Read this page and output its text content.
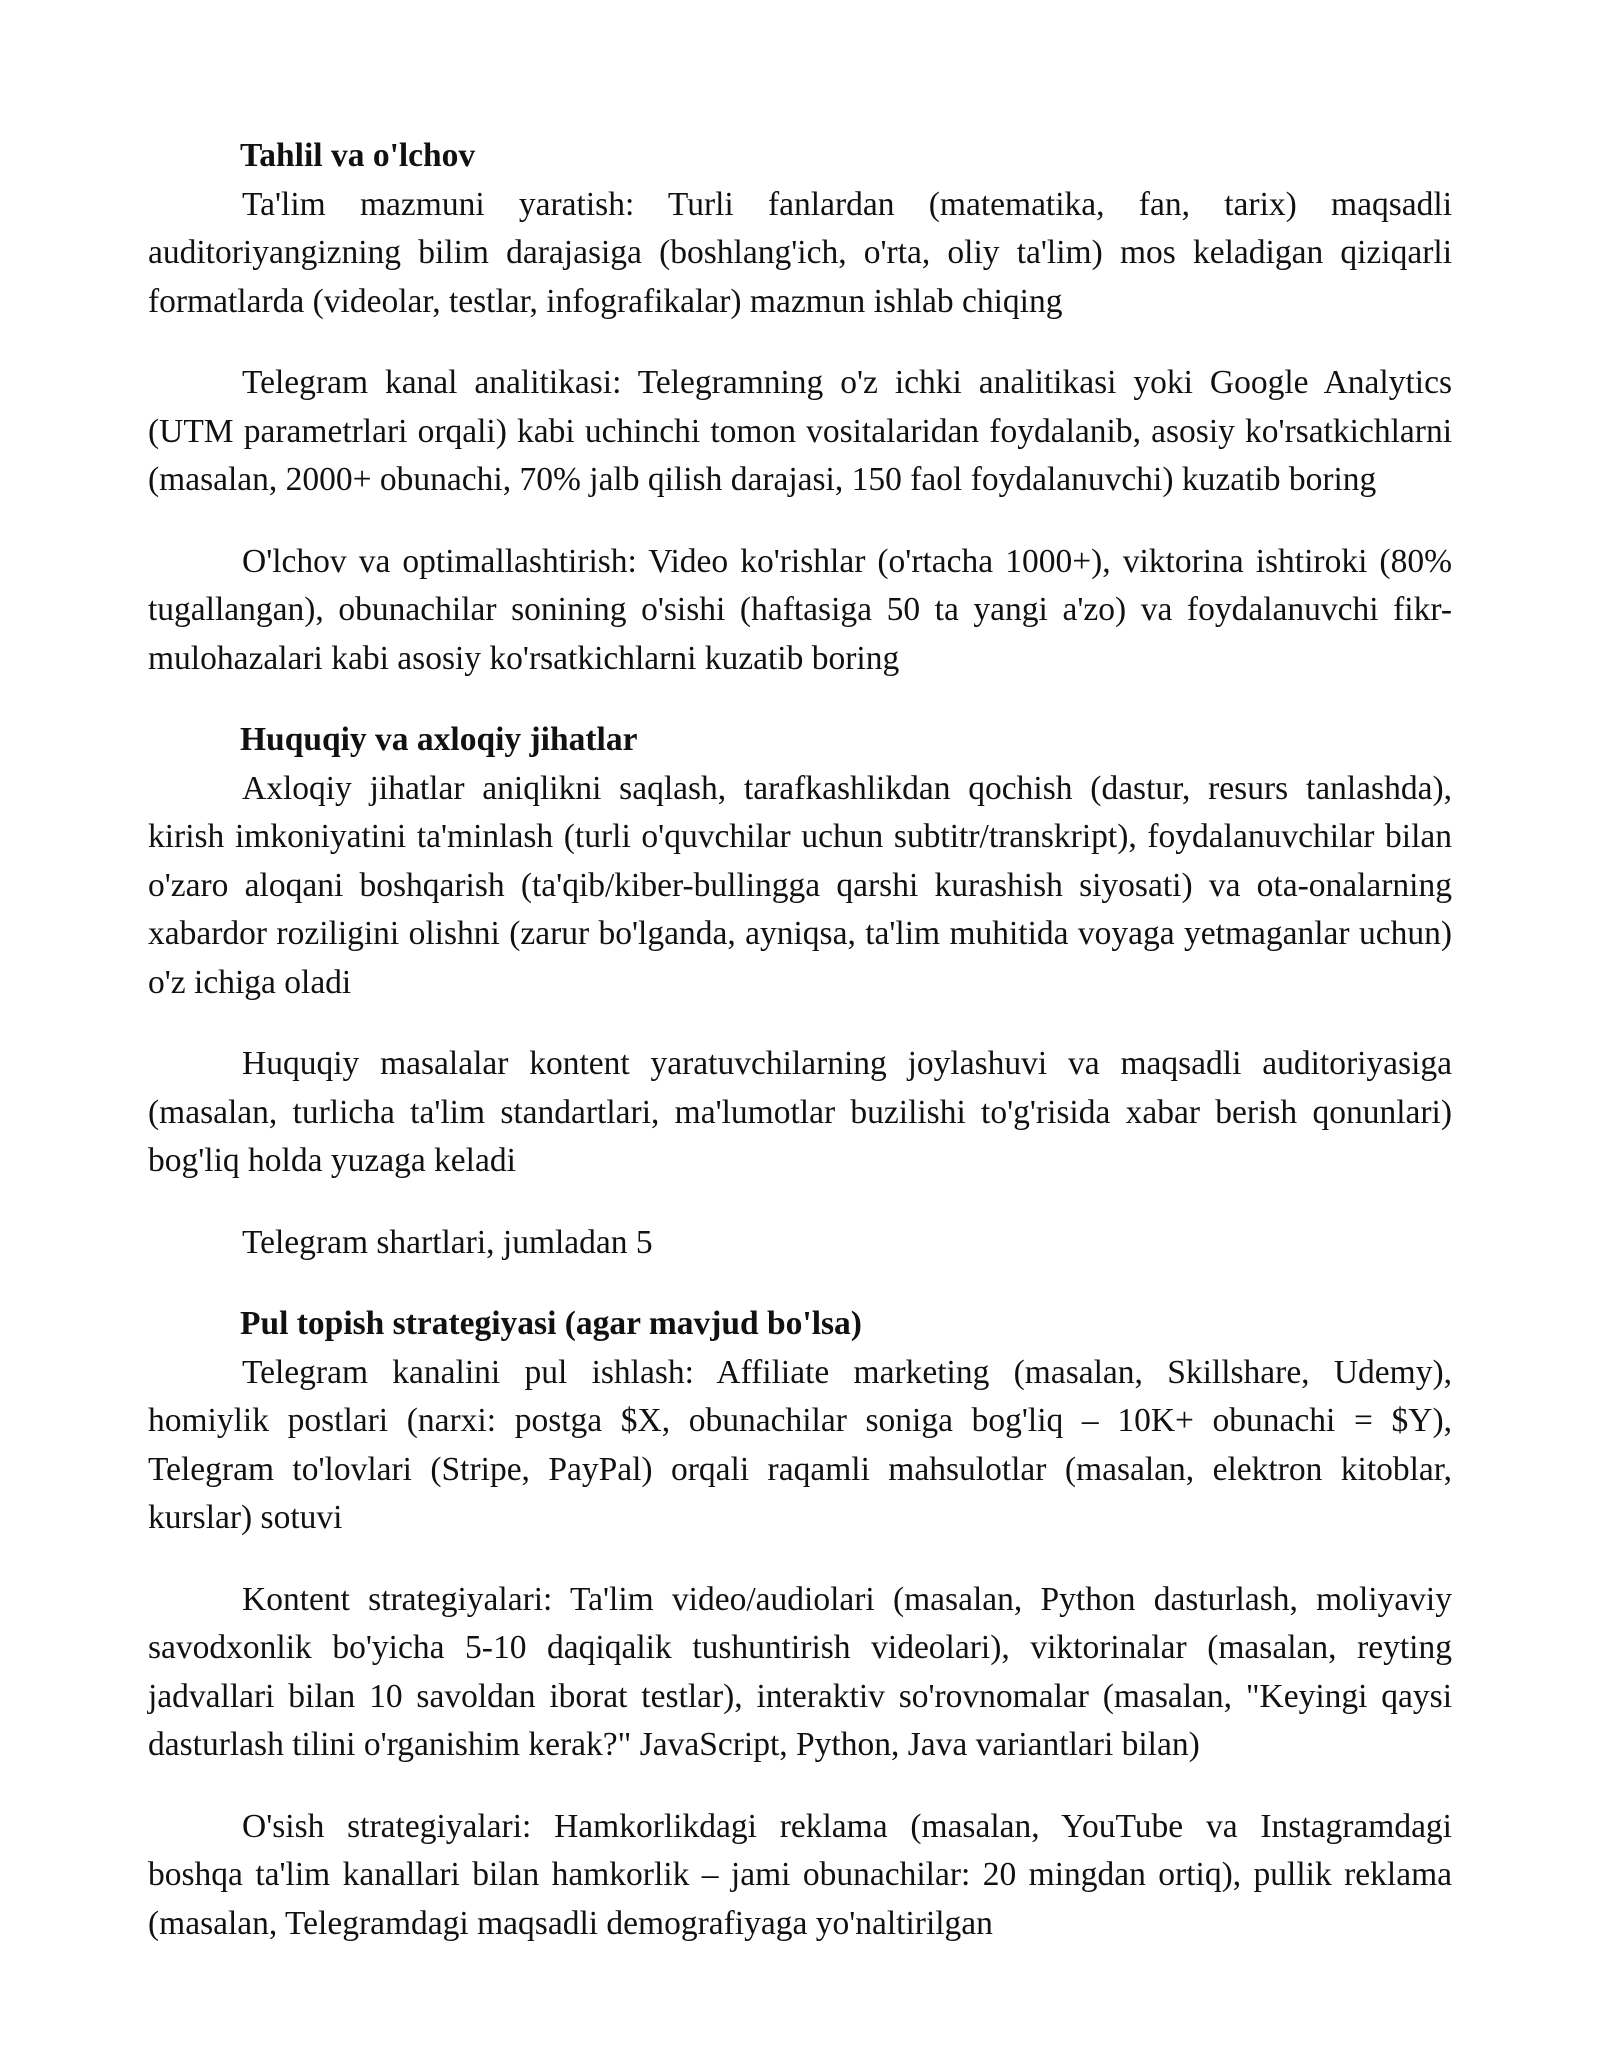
Tahlil va o'lchov

Ta'lim mazmuni yaratish: Turli fanlardan (matematika, fan, tarix) maqsadli auditoriyangizning bilim darajasiga (boshlang'ich, o'rta, oliy ta'lim) mos keladigan qiziqarli formatlarda (videolar, testlar, infografikalar) mazmun ishlab chiqing

Telegram kanal analitikasi: Telegramning o'z ichki analitikasi yoki Google Analytics (UTM parametrlari orqali) kabi uchinchi tomon vositalaridan foydalanib, asosiy ko'rsatkichlarni (masalan, 2000+ obunachi, 70% jalb qilish darajasi, 150 faol foydalanuvchi) kuzatib boring

O'lchov va optimallashtirish: Video ko'rishlar (o'rtacha 1000+), viktorina ishtiroki (80% tugallangan), obunachilar sonining o'sishi (haftasiga 50 ta yangi a'zo) va foydalanuvchi fikr-mulohazalari kabi asosiy ko'rsatkichlarni kuzatib boring

Huquqiy va axloqiy jihatlar

Axloqiy jihatlar aniqlikni saqlash, tarafkashlikdan qochish (dastur, resurs tanlashda), kirish imkoniyatini ta'minlash (turli o'quvchilar uchun subtitr/transkript), foydalanuvchilar bilan o'zaro aloqani boshqarish (ta'qib/kiber-bullingga qarshi kurashish siyosati) va ota-onalarning xabardor roziligini olishni (zarur bo'lganda, ayniqsa, ta'lim muhitida voyaga yetmaganlar uchun) o'z ichiga oladi

Huquqiy masalalar kontent yaratuvchilarning joylashuvi va maqsadli auditoriyasiga (masalan, turlicha ta'lim standartlari, ma'lumotlar buzilishi to'g'risida xabar berish qonunlari) bog'liq holda yuzaga keladi

Telegram shartlari, jumladan 5

Pul topish strategiyasi (agar mavjud bo'lsa)

Telegram kanalini pul ishlash: Affiliate marketing (masalan, Skillshare, Udemy), homiylik postlari (narxi: postga $X, obunachilar soniga bog'liq – 10K+ obunachi = $Y), Telegram to'lovlari (Stripe, PayPal) orqali raqamli mahsulotlar (masalan, elektron kitoblar, kurslar) sotuvi

Kontent strategiyalari: Ta'lim video/audiolari (masalan, Python dasturlash, moliyaviy savodxonlik bo'yicha 5-10 daqiqalik tushuntirish videolari), viktorinalar (masalan, reyting jadvallari bilan 10 savoldan iborat testlar), interaktiv so'rovnomalar (masalan, "Keyingi qaysi dasturlash tilini o'rganishim kerak?" JavaScript, Python, Java variantlari bilan)

O'sish strategiyalari: Hamkorlikdagi reklama (masalan, YouTube va Instagramdagi boshqa ta'lim kanallari bilan hamkorlik – jami obunachilar: 20 mingdan ortiq), pullik reklama (masalan, Telegramdagi maqsadli demografiyaga yo'naltirilgan
